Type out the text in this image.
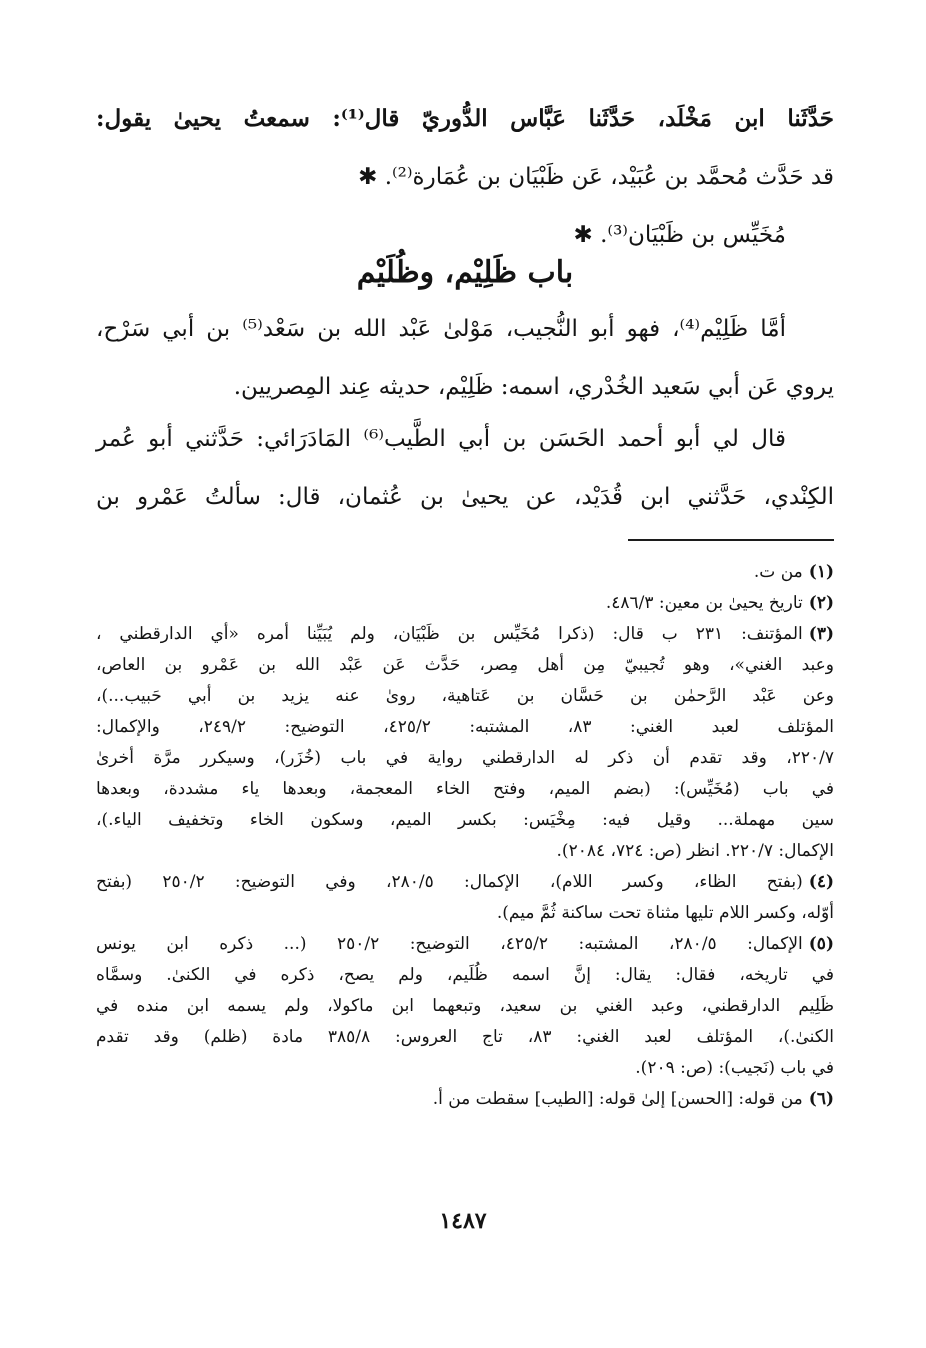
حَدَّثَنا ابن مَخْلَد، حَدَّثَنا عَبَّاس الدُّوريّ قال⁽¹⁾: سمعتُ يحيىٰ يقول:
قد حَدَّث مُحمَّد بن عُبَيْد، عَن ظَبْيَان بن عُمَارة⁽²⁾. ✱
مُخَيِّس بن ظَبْيَان⁽³⁾. ✱
باب ظَلِيْم، وظُلَيْم
أمَّا ظَلِيْم⁽⁴⁾، فهو أبو النُّجيب، مَوْلىٰ عَبْد الله بن سَعْد⁽⁵⁾ بن أبي سَرْح،
يروي عَن أبي سَعيد الخُدْري، اسمه: ظَلِيْم، حديثه عِند المِصريين.
قال لي أبو أحمد الحَسَن بن أبي الطَّيب⁽⁶⁾ المَادَرَائي: حَدَّثني أبو عُمر
الكِنْدي، حَدَّثني ابن قُدَيْد، عن يحيىٰ بن عُثمان، قال: سألتُ عَمْرو بن
(١)من ت.
(٢)تاريخ يحيىٰ بن معين: ٤٨٦/٣.
(٣)المؤتنف: ٢٣١ ب قال: (ذكرا مُخَيِّس بن ظَبْيَان، ولم يُبَيِّنا أمره «أي الدارقطني ،
وعبد الغني»، وهو تُجيبيّ مِن أهل مِصر، حَدَّث عَن عَبْد الله بن عَمْرو بن العاص،
وعن عَبْد الرَّحمٰن بن حَسَّان بن عَتاهية، روىٰ عنه يزيد بن أبي حَبيب...)،
المؤتلف لعبد الغني: ٨٣، المشتبه: ٤٢٥/٢، التوضيح: ٢٤٩/٢، والإكمال:
٢٢٠/٧، وقد تقدم أن ذكر له الدارقطني رواية في باب (خُزَر)، وسيكرر مرَّة أخرىٰ
في باب (مُخَيِّس): (بضم الميم، وفتح الخاء المعجمة، وبعدها ياء مشددة، وبعدها
سين مهملة... وقيل فيه: مِخْيَس: بكسر الميم، وسكون الخاء وتخفيف الياء.)،
الإكمال: ٢٢٠/٧. انظر (ص: ٧٢٤، ٢٠٨٤).
(٤)(بفتح الظاء، وكسر اللام)، الإكمال: ٢٨٠/٥، وفي التوضيح: ٢٥٠/٢ (بفتح
أوّله، وكسر اللام تليها مثناة تحت ساكنة ثُمَّ ميم).
(٥)الإكمال: ٢٨٠/٥، المشتبه: ٤٢٥/٢، التوضيح: ٢٥٠/٢ (... ذكره ابن يونس
في تاريخه، فقال: يقال: إنَّ اسمه ظُلَيم، ولم يصح، ذكره في الكنىٰ. وسمَّاه
ظَلِيم الدارقطني، وعبد الغني بن سعيد، وتبعهما ابن ماكولا، ولم يسمه ابن منده في
الكنىٰ.)، المؤتلف لعبد الغني: ٨٣، تاج العروس: ٣٨٥/٨ مادة (ظلم) وقد تقدم
في باب (نَجيب): (ص: ٢٠٩).
(٦)من قوله: [الحسن] إلىٰ قوله: [الطيب] سقطت من أ.
١٤٨٧
